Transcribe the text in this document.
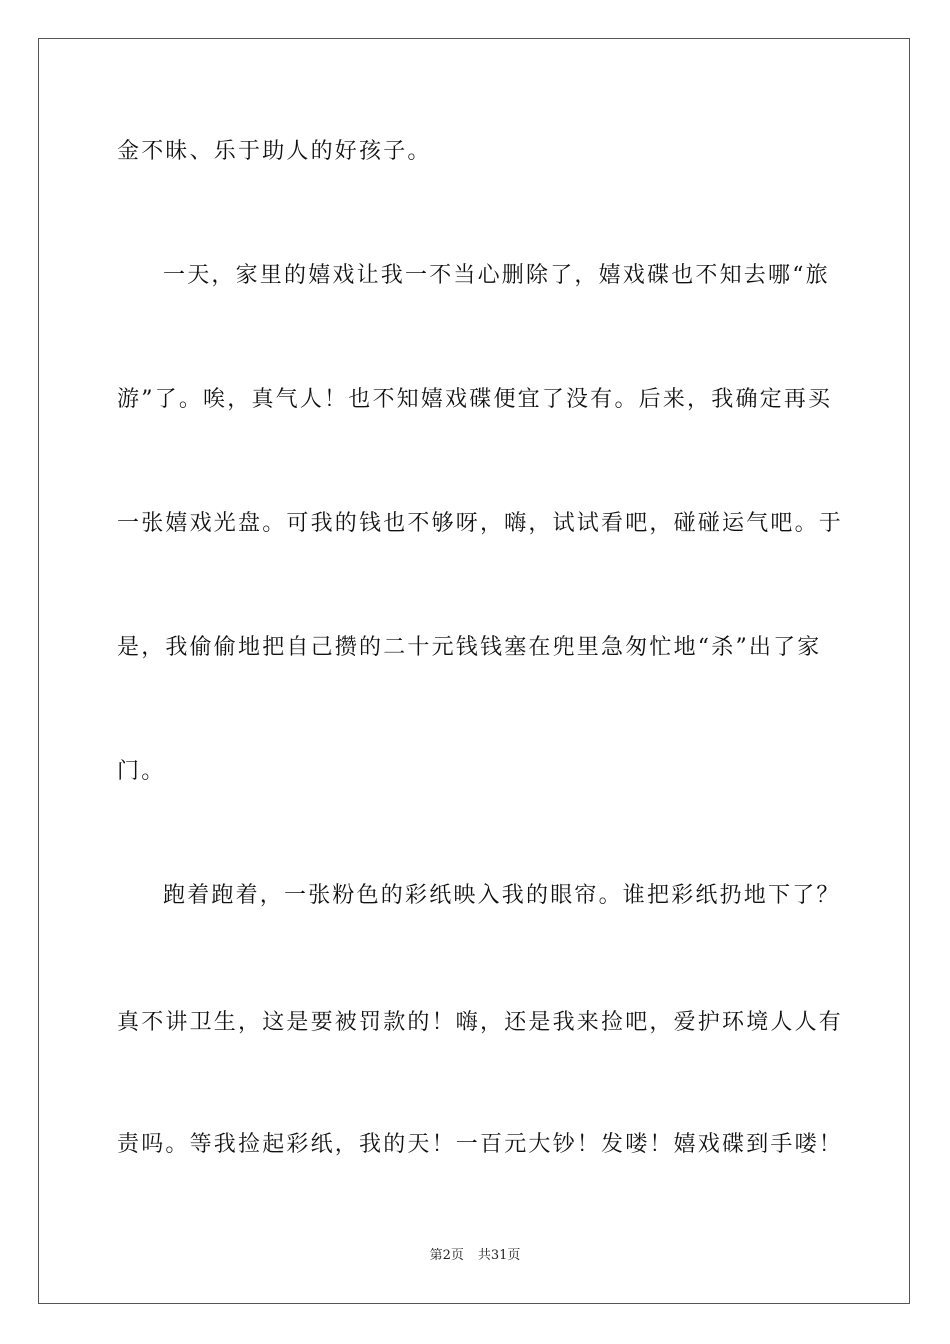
金不昧、乐于助人的好孩子。
一天，家里的嬉戏让我一不当心删除了，嬉戏碟也不知去哪“旅
游”了。唉，真气人！也不知嬉戏碟便宜了没有。后来，我确定再买
一张嬉戏光盘。可我的钱也不够呀，嗨，试试看吧，碰碰运气吧。于
是，我偷偷地把自己攒的二十元钱钱塞在兜里急匆忙地“杀”出了家
门。
跑着跑着，一张粉色的彩纸映入我的眼帘。谁把彩纸扔地下了？
真不讲卫生，这是要被罚款的！嗨，还是我来捡吧，爱护环境人人有
责吗。等我捡起彩纸，我的天！一百元大钞！发喽！嬉戏碟到手喽！
第2页 共31页
